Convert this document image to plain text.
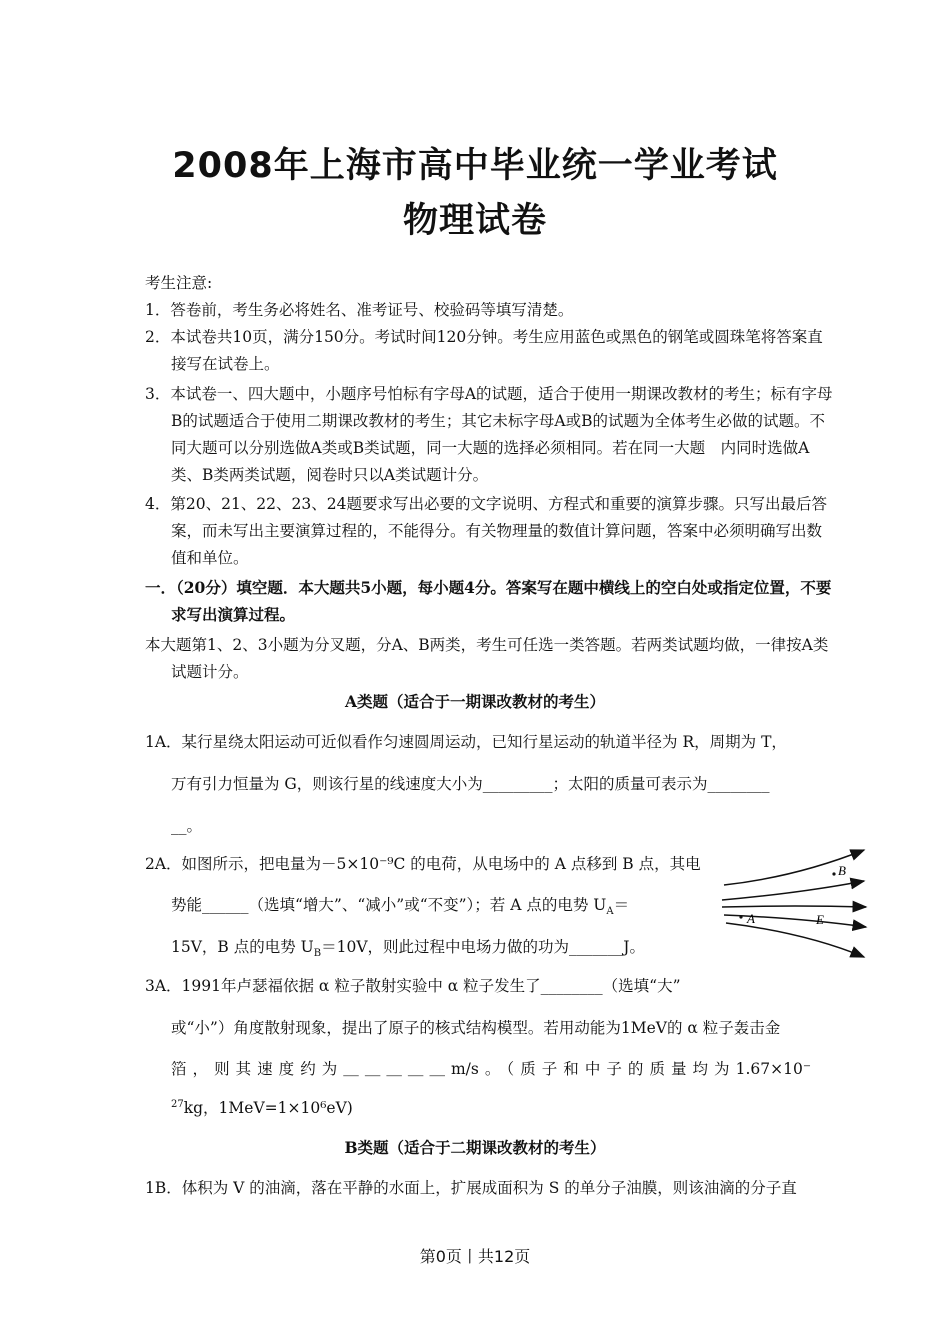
2008年上海市高中毕业统一学业考试
物理试卷
考生注意:
1．答卷前，考生务必将姓名、准考证号、校验码等填写清楚。
2．本试卷共10页，满分150分。考试时间120分钟。考生应用蓝色或黑色的钢笔或圆珠笔将答案直接写在试卷上。
3．本试卷一、四大题中，小题序号怕标有字母A的试题，适合于使用一期课改教材的考生；标有字母B的试题适合于使用二期课改教材的考生；其它未标字母A或B的试题为全体考生必做的试题。不同大题可以分别选做A类或B类试题，同一大题的选择必须相同。若在同一大题　内同时选做A类、B类两类试题，阅卷时只以A类试题计分。
4．第20、21、22、23、24题要求写出必要的文字说明、方程式和重要的演算步骤。只写出最后答案，而未写出主要演算过程的，不能得分。有关物理量的数值计算问题，答案中必须明确写出数值和单位。
一．（20分）填空题．本大题共5小题，每小题4分。答案写在题中横线上的空白处或指定位置，不要求写出演算过程。
本大题第1、2、3小题为分叉题，分A、B两类，考生可任选一类答题。若两类试题均做，一律按A类试题计分。
A类题（适合于一期课改教材的考生）
1A．某行星绕太阳运动可近似看作匀速圆周运动，已知行星运动的轨道半径为 R，周期为 T，
万有引力恒量为 G，则该行星的线速度大小为_________；太阳的质量可表示为________
__。
2A．如图所示，把电量为－5×10⁻⁹C 的电荷，从电场中的 A 点移到 B 点，其电
势能______（选填“增大”、“减小”或“不变”）；若 A 点的电势 $U_A=$
15V，B 点的电势 $U_B=10V$，则此过程中电场力做的功为_______J。
B
A	E
3A．1991年卢瑟福依据 α 粒子散射实验中 α 粒子发生了________（选填“大”
或“小”）角度散射现象，提出了原子的核式结构模型。若用动能为1MeV的 α 粒子轰击金
箔，则其速度约为＿＿＿＿＿m/s。（质子和中子的质量均为1.67×10⁻
$^{27}$kg，1MeV=1×10⁶eV)
B类题（适合于二期课改教材的考生）
1B．体积为 V 的油滴，落在平静的水面上，扩展成面积为 S 的单分子油膜，则该油滴的分子直
第0页丨共12页
